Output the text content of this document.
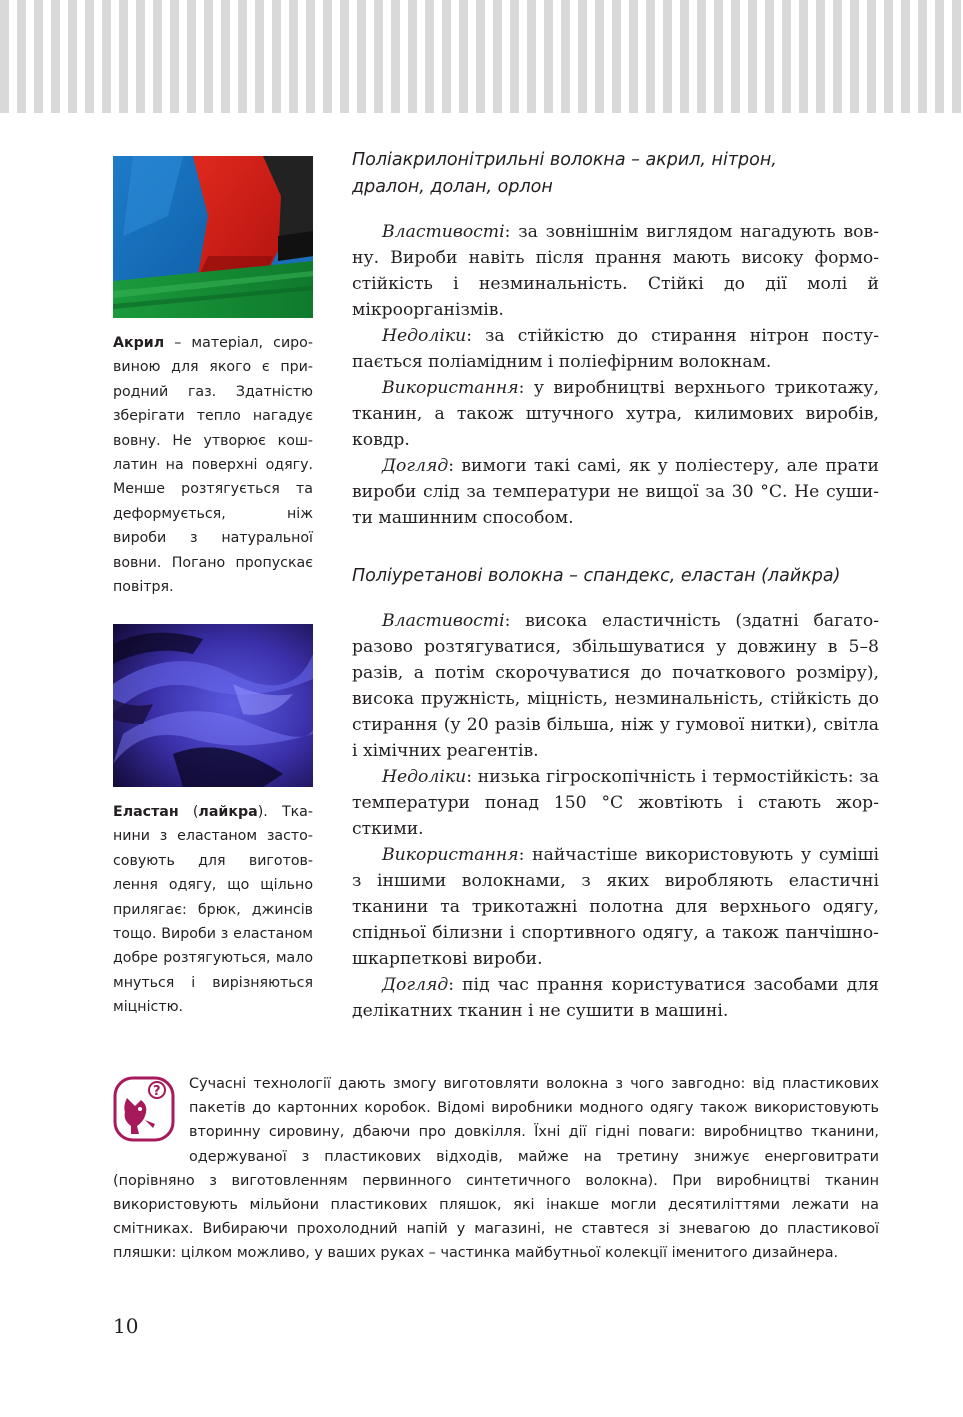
Акрил – матеріал, сировиною для якого є природний газ. Здатністю зберігати тепло нагадує вовну. Не утворює кошлатин на поверхні одягу. Менше розтягується та деформується, ніж вироби з натуральної вовни. Погано пропускає повітря.
Еластан (лайкра). Тканини з еластаном застосовують для виготовлення одягу, що щільно прилягає: брюк, джинсів тощо. Вироби з еластаном добре розтягуються, мало мнуться і вирізняються міцністю.

Поліакрилонітрильні волокна – акрил, нітрон,
дралон, долан, орлон

Властивості: за зовнішнім виглядом нагадують вовну. Вироби навіть після прання мають високу формостійкість і незминальність. Стійкі до дії молі й мікроорганізмів.

Недоліки: за стійкістю до стирання нітрон поступається поліамідним і поліефірним волокнам.

Використання: у виробництві верхнього трикотажу, тканин, а також штучного хутра, килимових виробів, ковдр.

Догляд: вимоги такі самі, як у поліестеру, але прати вироби слід за температури не вищої за 30 °С. Не сушити машинним способом.

Поліуретанові волокна – спандекс, еластан (лайкра)

Властивості: висока еластичність (здатні багаторазово розтягуватися, збільшуватися у довжину в 5–8 разів, а потім скорочуватися до початкового розміру), висока пружність, міцність, незминальність, стійкість до стирання (у 20 разів більша, ніж у гумової нитки), світла і хімічних реагентів.

Недоліки: низька гігроскопічність і термостійкість: за температури понад 150 °С жовтіють і стають жорсткими.

Використання: найчастіше використовують у суміші з іншими волокнами, з яких виробляють еластичні тканини та трикотажні полотна для верхнього одягу, спідньої білизни і спортивного одягу, а також панчішно-шкарпеткові вироби.

Догляд: під час прання користуватися засобами для делікатних тканин і не сушити в машині.

? Сучасні технології дають змогу виготовляти волокна з чого завгодно: від пластикових пакетів до картонних коробок. Відомі виробники модного одягу також використовують вторинну сировину, дбаючи про довкілля. Їхні дії гідні поваги: виробництво тканини, одержуваної з пластикових відходів, майже на третину знижує енерговитрати (порівняно з виготовленням первинного синтетичного волокна). При виробництві тканин використовують мільйони пластикових пляшок, які інакше могли десятиліттями лежати на смітниках. Вибираючи прохолодний напій у магазині, не ставтеся зі зневагою до пластикової пляшки: цілком можливо, у ваших руках – частинка майбутньої колекції іменитого дизайнера.
10
